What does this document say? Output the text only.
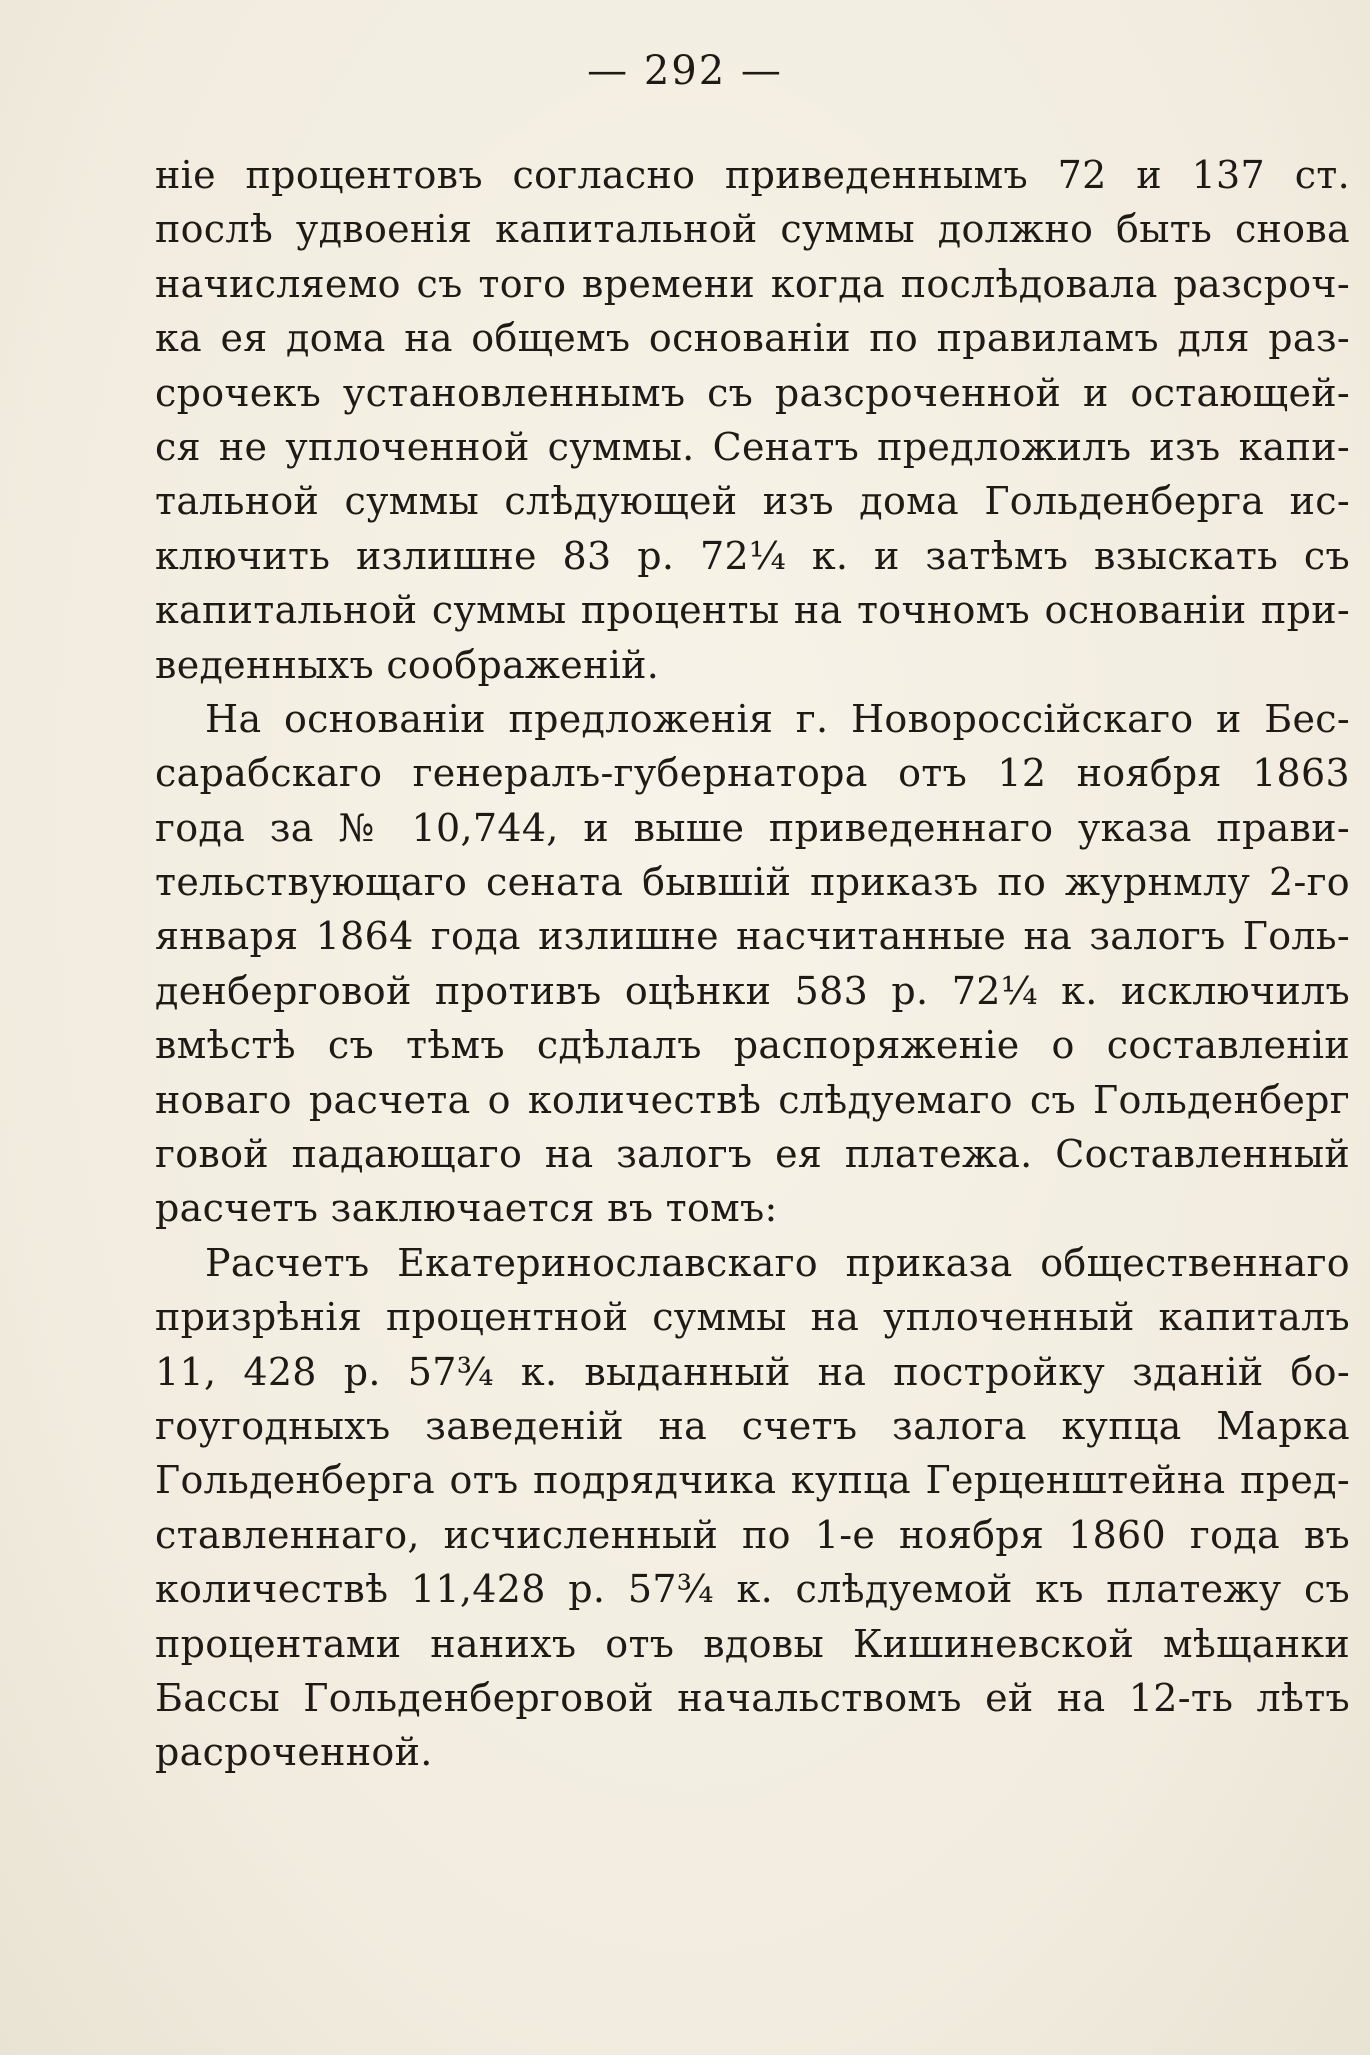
— 292 —
ніе процентовъ согласно приведеннымъ 72 и 137 ст.
послѣ удвоенія капитальной суммы должно быть снова
начисляемо съ того времени когда послѣдовала разсроч-
ка ея дома на общемъ основаніи по правиламъ для раз-
срочекъ установленнымъ съ разсроченной и остающей-
ся не уплоченной суммы. Сенатъ предложилъ изъ капи-
тальной суммы слѣдующей изъ дома Гольденберга ис-
ключить излишне 83 р. 72¼ к. и затѣмъ взыскать съ
капитальной суммы проценты на точномъ основаніи при-
веденныхъ соображеній.
На основаніи предложенія г. Новороссійскаго и Бес-
сарабскаго генералъ-губернатора отъ 12 ноября 1863
года за № 10,744, и выше приведеннаго указа прави-
тельствующаго сената бывшій приказъ по журнмлу 2-го
января 1864 года излишне насчитанные на залогъ Голь-
денберговой противъ оцѣнки 583 р. 72¼ к. исключилъ
вмѣстѣ съ тѣмъ сдѣлалъ распоряженіе о составленіи
новаго расчета о количествѣ слѣдуемаго съ Гольденберг
говой падающаго на залогъ ея платежа. Составленный
расчетъ заключается въ томъ:
Расчетъ Екатеринославскаго приказа общественнаго
призрѣнія процентной суммы на уплоченный капиталъ
11, 428 р. 57¾ к. выданный на постройку зданій бо-
гоугодныхъ заведеній на счетъ залога купца Марка
Гольденберга отъ подрядчика купца Герценштейна пред-
ставленнаго, исчисленный по 1-е ноября 1860 года въ
количествѣ 11,428 р. 57¾ к. слѣдуемой къ платежу съ
процентами нанихъ отъ вдовы Кишиневской мѣщанки
Бассы Гольденберговой начальствомъ ей на 12-ть лѣтъ
расроченной.
